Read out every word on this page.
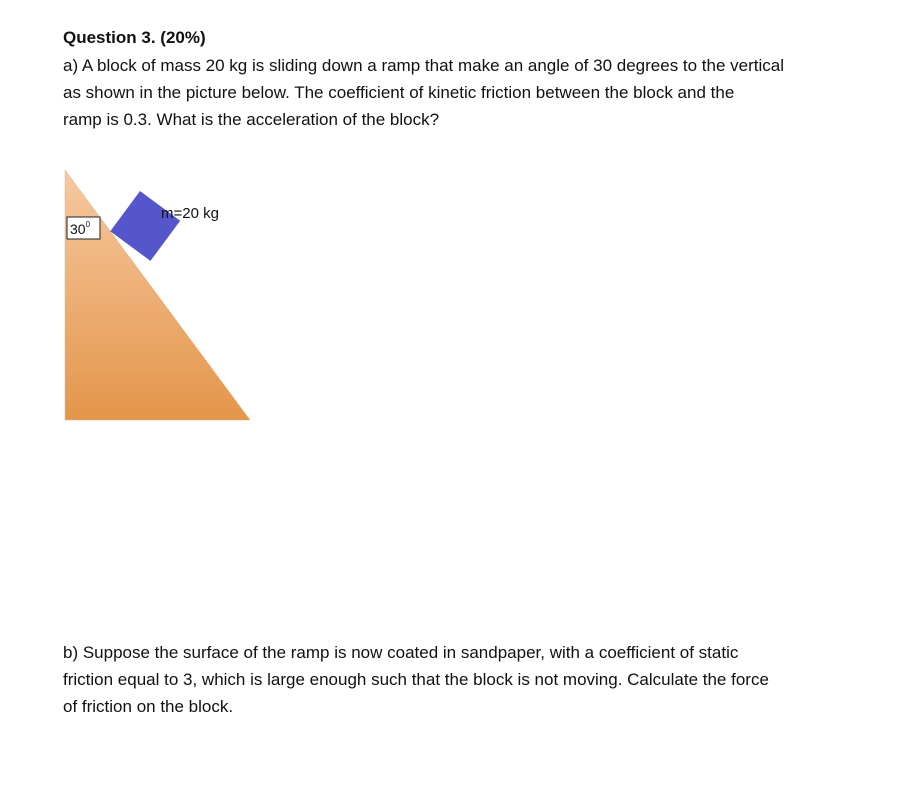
Question 3. (20%)
a) A block of mass 20 kg is sliding down a ramp that make an angle of 30 degrees to the vertical
as shown in the picture below. The coefficient of kinetic friction between the block and the
ramp is 0.3. What is the acceleration of the block?
$30^0$
m=20 kg
b) Suppose the surface of the ramp is now coated in sandpaper, with a coefficient of static
friction equal to 3, which is large enough such that the block is not moving. Calculate the force
of friction on the block.
